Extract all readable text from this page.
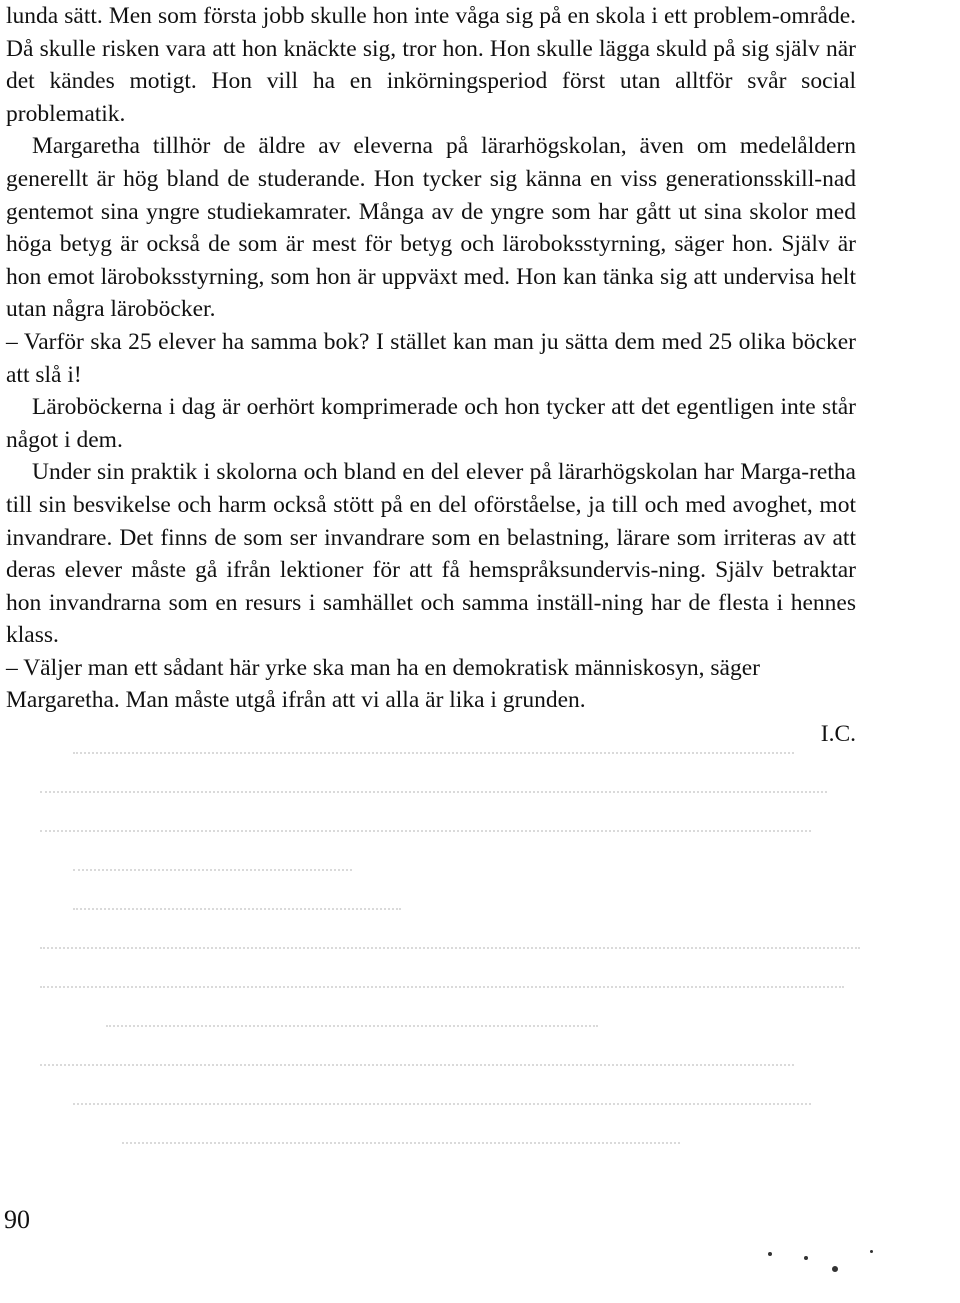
lunda sätt. Men som första jobb skulle hon inte våga sig på en skola i ett problem-område. Då skulle risken vara att hon knäckte sig, tror hon. Hon skulle lägga skuld på sig själv när det kändes motigt. Hon vill ha en inkörningsperiod först utan alltför svår social problematik.

Margaretha tillhör de äldre av eleverna på lärarhögskolan, även om medelåldern generellt är hög bland de studerande. Hon tycker sig känna en viss generationsskill-nad gentemot sina yngre studiekamrater. Många av de yngre som har gått ut sina skolor med höga betyg är också de som är mest för betyg och läroboksstyrning, säger hon. Själv är hon emot läroboksstyrning, som hon är uppväxt med. Hon kan tänka sig att undervisa helt utan några läroböcker.

– Varför ska 25 elever ha samma bok? I stället kan man ju sätta dem med 25 olika böcker att slå i!

Läroböckerna i dag är oerhört komprimerade och hon tycker att det egentligen inte står något i dem.

Under sin praktik i skolorna och bland en del elever på lärarhögskolan har Marga-retha till sin besvikelse och harm också stött på en del oförståelse, ja till och med avoghet, mot invandrare. Det finns de som ser invandrare som en belastning, lärare som irriteras av att deras elever måste gå ifrån lektioner för att få hemspråksundervis-ning. Själv betraktar hon invandrarna som en resurs i samhället och samma inställ-ning har de flesta i hennes klass.

– Väljer man ett sådant här yrke ska man ha en demokratisk människosyn, säger Margaretha. Man måste utgå ifrån att vi alla är lika i grunden.

I.C.
90
